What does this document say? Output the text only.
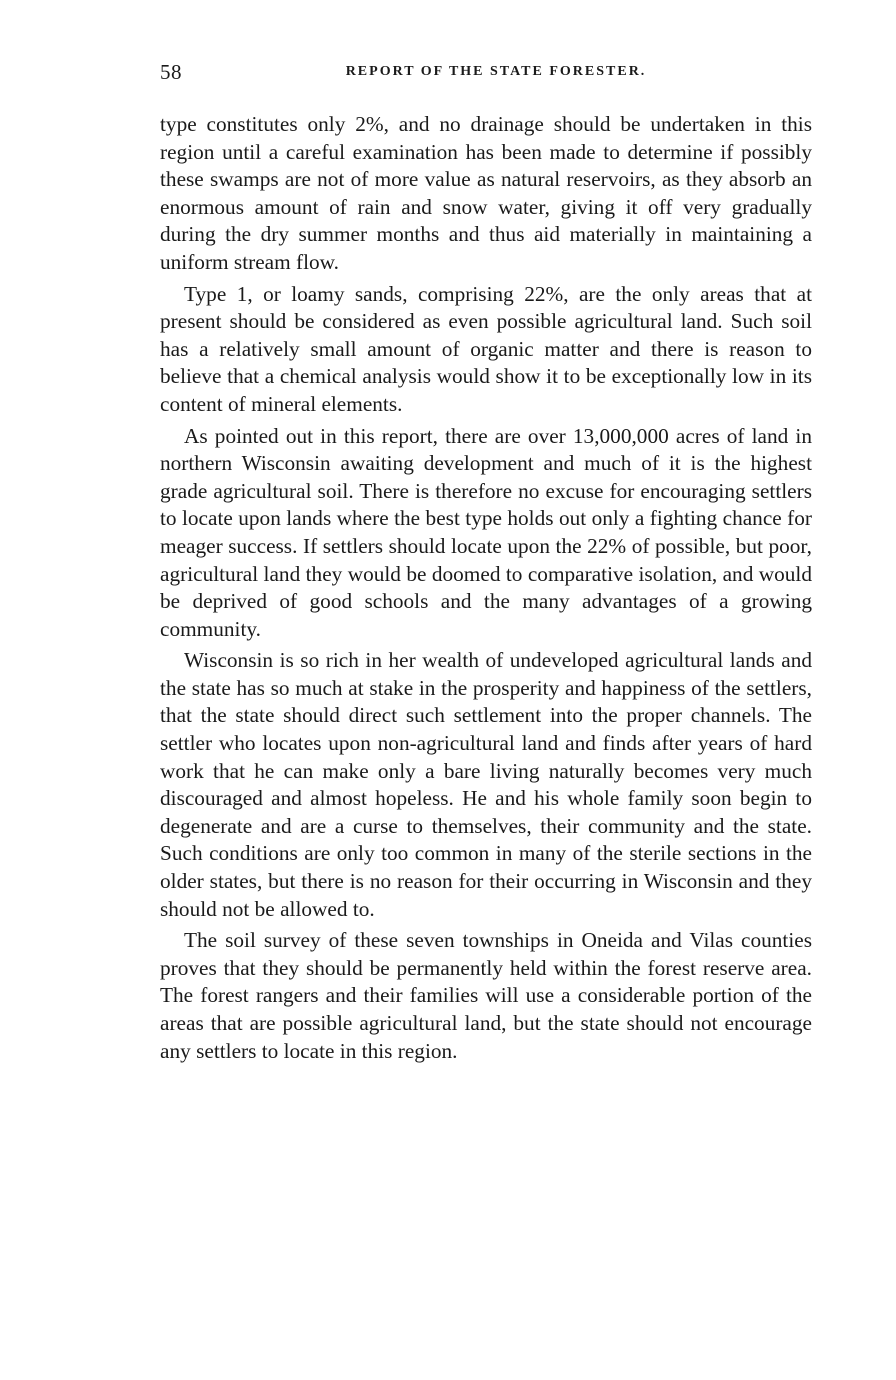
58	REPORT OF THE STATE FORESTER.

type constitutes only 2%, and no drainage should be undertaken in this region until a careful examination has been made to determine if possibly these swamps are not of more value as natural reservoirs, as they absorb an enormous amount of rain and snow water, giving it off very gradually during the dry summer months and thus aid materially in maintaining a uniform stream flow.

Type 1, or loamy sands, comprising 22%, are the only areas that at present should be considered as even possible agricultural land. Such soil has a relatively small amount of organic matter and there is reason to believe that a chemical analysis would show it to be exceptionally low in its content of mineral elements.

As pointed out in this report, there are over 13,000,000 acres of land in northern Wisconsin awaiting development and much of it is the highest grade agricultural soil. There is therefore no excuse for encouraging settlers to locate upon lands where the best type holds out only a fighting chance for meager success. If settlers should locate upon the 22% of possible, but poor, agricultural land they would be doomed to comparative isolation, and would be deprived of good schools and the many advantages of a growing community.

Wisconsin is so rich in her wealth of undeveloped agricultural lands and the state has so much at stake in the prosperity and happiness of the settlers, that the state should direct such settlement into the proper channels. The settler who locates upon non-agricultural land and finds after years of hard work that he can make only a bare living naturally becomes very much discouraged and almost hopeless. He and his whole family soon begin to degenerate and are a curse to themselves, their community and the state. Such conditions are only too common in many of the sterile sections in the older states, but there is no reason for their occurring in Wisconsin and they should not be allowed to.

The soil survey of these seven townships in Oneida and Vilas counties proves that they should be permanently held within the forest reserve area. The forest rangers and their families will use a considerable portion of the areas that are possible agricultural land, but the state should not encourage any settlers to locate in this region.
